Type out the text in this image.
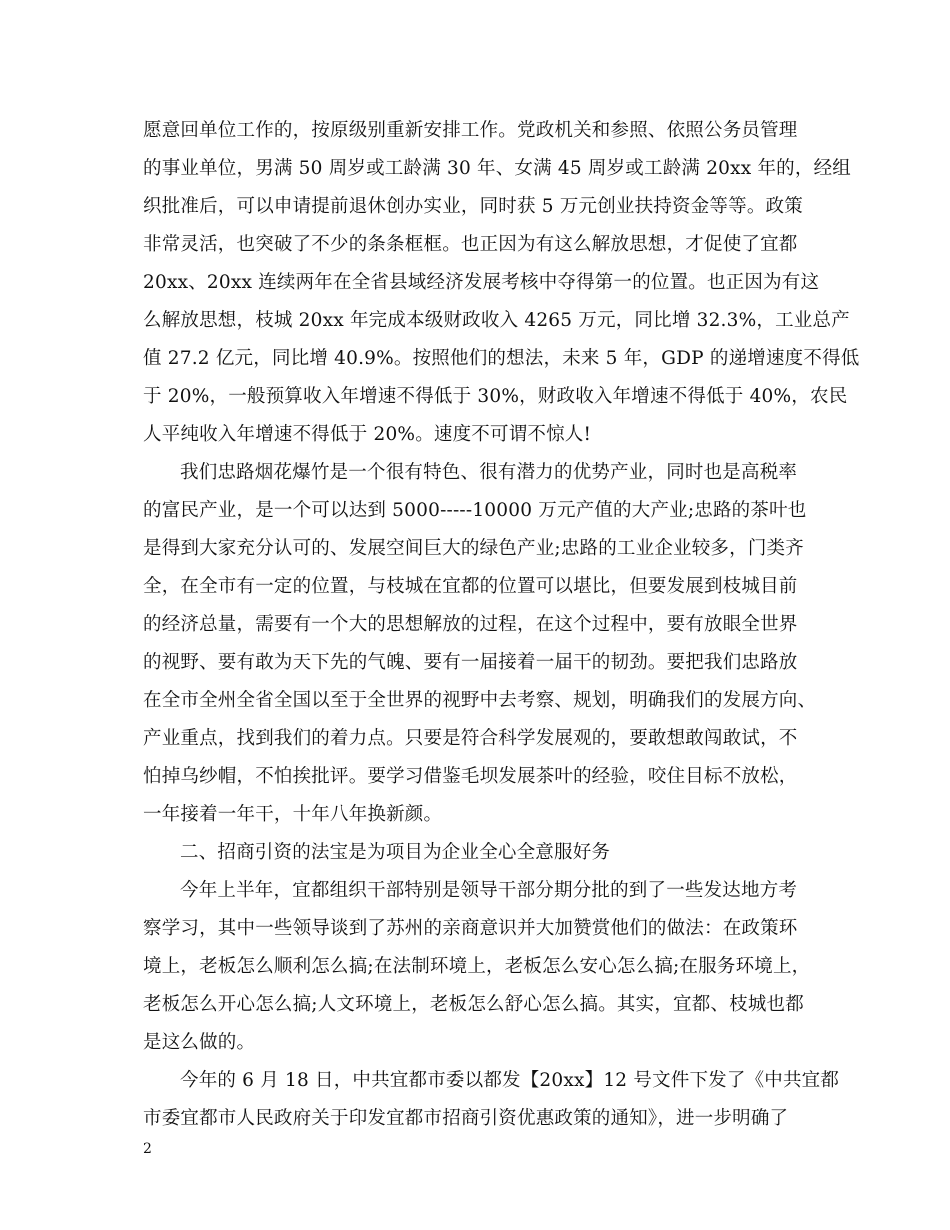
愿意回单位工作的，按原级别重新安排工作。党政机关和参照、依照公务员管理
的事业单位，男满 50 周岁或工龄满 30 年、女满 45 周岁或工龄满 20xx 年的，经组
织批准后，可以申请提前退休创办实业，同时获 5 万元创业扶持资金等等。政策
非常灵活，也突破了不少的条条框框。也正因为有这么解放思想，才促使了宜都
20xx、20xx 连续两年在全省县域经济发展考核中夺得第一的位置。也正因为有这
么解放思想，枝城 20xx 年完成本级财政收入 4265 万元，同比增 32.3%，工业总产
值 27.2 亿元，同比增 40.9%。按照他们的想法，未来 5 年，GDP 的递增速度不得低
于 20%，一般预算收入年增速不得低于 30%，财政收入年增速不得低于 40%，农民
人平纯收入年增速不得低于 20%。速度不可谓不惊人!
我们忠路烟花爆竹是一个很有特色、很有潜力的优势产业，同时也是高税率
的富民产业，是一个可以达到 5000-----10000 万元产值的大产业;忠路的茶叶也
是得到大家充分认可的、发展空间巨大的绿色产业;忠路的工业企业较多，门类齐
全，在全市有一定的位置，与枝城在宜都的位置可以堪比，但要发展到枝城目前
的经济总量，需要有一个大的思想解放的过程，在这个过程中，要有放眼全世界
的视野、要有敢为天下先的气魄、要有一届接着一届干的韧劲。要把我们忠路放
在全市全州全省全国以至于全世界的视野中去考察、规划，明确我们的发展方向、
产业重点，找到我们的着力点。只要是符合科学发展观的，要敢想敢闯敢试，不
怕掉乌纱帽，不怕挨批评。要学习借鉴毛坝发展茶叶的经验，咬住目标不放松，
一年接着一年干，十年八年换新颜。
二、招商引资的法宝是为项目为企业全心全意服好务
今年上半年，宜都组织干部特别是领导干部分期分批的到了一些发达地方考
察学习，其中一些领导谈到了苏州的亲商意识并大加赞赏他们的做法：在政策环
境上，老板怎么顺利怎么搞;在法制环境上，老板怎么安心怎么搞;在服务环境上，
老板怎么开心怎么搞;人文环境上，老板怎么舒心怎么搞。其实，宜都、枝城也都
是这么做的。
今年的 6 月 18 日，中共宜都市委以都发【20xx】12 号文件下发了《中共宜都
市委宜都市人民政府关于印发宜都市招商引资优惠政策的通知》，进一步明确了
2
